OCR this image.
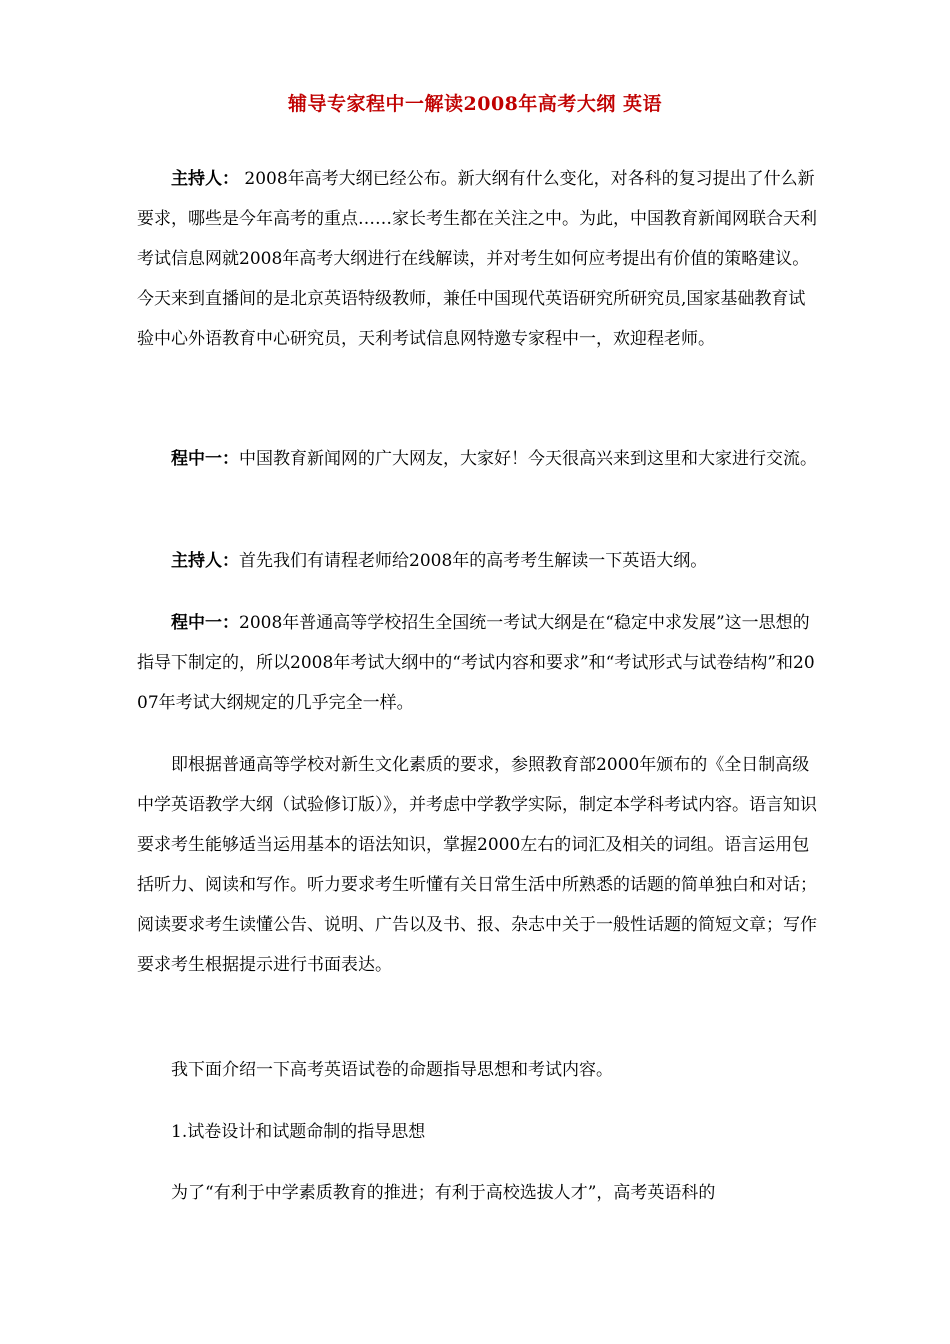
辅导专家程中一解读2008年高考大纲 英语

主持人： 2008年高考大纲已经公布。新大纲有什么变化，对各科的复习提出了什么新要求，哪些是今年高考的重点……家长考生都在关注之中。为此，中国教育新闻网联合天利考试信息网就2008年高考大纲进行在线解读，并对考生如何应考提出有价值的策略建议。今天来到直播间的是北京英语特级教师，兼任中国现代英语研究所研究员,国家基础教育试验中心外语教育中心研究员，天利考试信息网特邀专家程中一，欢迎程老师。

程中一：中国教育新闻网的广大网友，大家好！今天很高兴来到这里和大家进行交流。

主持人：首先我们有请程老师给2008年的高考考生解读一下英语大纲。

程中一：2008年普通高等学校招生全国统一考试大纲是在“稳定中求发展”这一思想的指导下制定的，所以2008年考试大纲中的“考试内容和要求”和“考试形式与试卷结构”和2007年考试大纲规定的几乎完全一样。

即根据普通高等学校对新生文化素质的要求，参照教育部2000年颁布的《全日制高级中学英语教学大纲（试验修订版）》，并考虑中学教学实际，制定本学科考试内容。语言知识要求考生能够适当运用基本的语法知识，掌握2000左右的词汇及相关的词组。语言运用包括听力、阅读和写作。听力要求考生听懂有关日常生活中所熟悉的话题的简单独白和对话；阅读要求考生读懂公告、说明、广告以及书、报、杂志中关于一般性话题的简短文章；写作要求考生根据提示进行书面表达。

我下面介绍一下高考英语试卷的命题指导思想和考试内容。

1.试卷设计和试题命制的指导思想

为了“有利于中学素质教育的推进；有利于高校选拔人才”，高考英语科的
